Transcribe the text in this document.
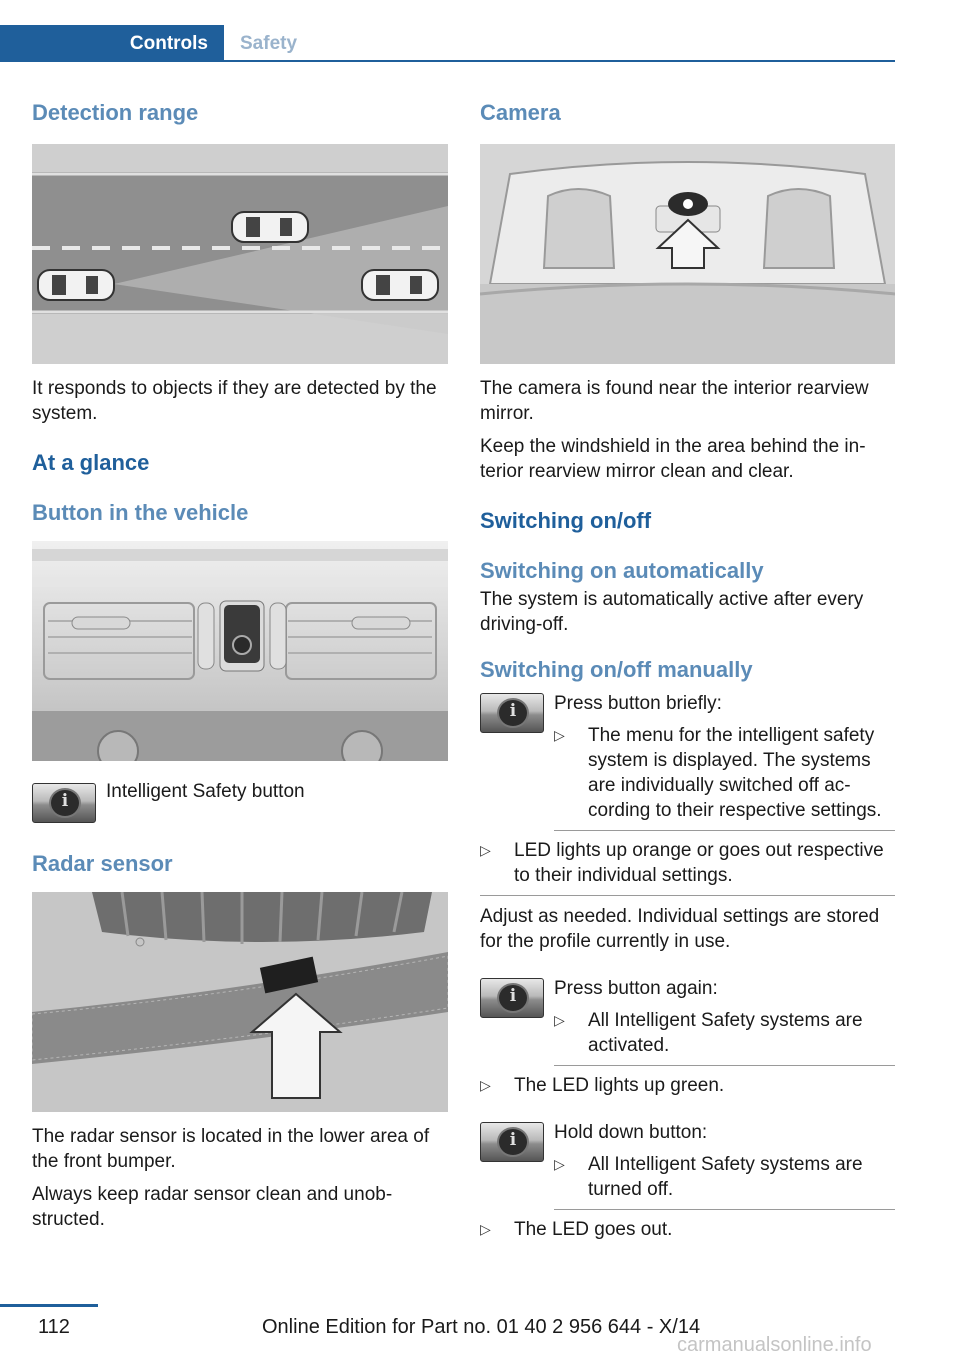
Controls	Safety
Detection range
It responds to objects if they are detected by the system.
At a glance
Button in the vehicle
i
Intelligent Safety button
Radar sensor
The radar sensor is located in the lower area of the front bumper.
Always keep radar sensor clean and unobstructed.
Camera
The camera is found near the interior rearview mirror.
Keep the windshield in the area behind the interior rearview mirror clean and clear.
Switching on/off
Switching on automatically
The system is automatically active after every driving-off.
Switching on/off manually
i
Press button briefly:
▷	The menu for the intelligent safety system is displayed. The systems are individually switched off according to their respective settings.
▷	LED lights up orange or goes out respective to their individual settings.
Adjust as needed. Individual settings are stored for the profile currently in use.
i
Press button again:
▷	All Intelligent Safety systems are activated.
▷	The LED lights up green.
i
Hold down button:
▷	All Intelligent Safety systems are turned off.
▷	The LED goes out.
112	Online Edition for Part no. 01 40 2 956 644 - X/14
carmanualsonline.info
